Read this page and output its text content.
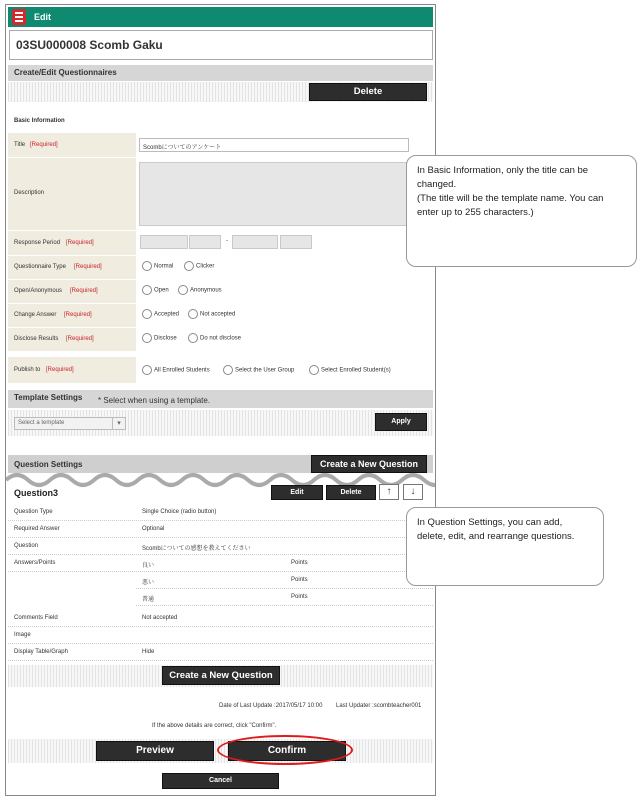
Edit
03SU000008 Scomb Gaku
Create/Edit Questionnaires
Delete
Basic Information
Title [Required]	Scombについてのアンケート
Description
Response Period [Required]	-
Questionnaire Type [Required]	Normal	Clicker
Open/Anonymous [Required]	Open	Anonymous
Change Answer [Required]	Accepted	Not accepted
Disclose Results [Required]	Disclose	Do not disclose
Publish to [Required]	All Enrolled Students	Select the User Group	Select Enrolled Student(s)
Template Settings * Select when using a template.
Select a template	▾	Apply
Question Settings	Create a New Question
Question3	Edit	Delete	↑	↓
Question Type	Single Choice (radio button)
Required Answer	Optional
Question	Scombについての感想を教えてください
Answers/Points	良い	Points
悪い	Points
普通	Points
Comments Field	Not accepted
Image
Display Table/Graph	Hide
Create a New Question
Date of Last Update :2017/05/17 10:00 Last Updater :scombteacher001
If the above details are correct, click "Confirm".
Preview	Confirm
Cancel
In Basic Information, only the title can be changed.
(The title will be the template name. You can enter up to 255 characters.)
In Question Settings, you can add, delete, edit, and rearrange questions.
